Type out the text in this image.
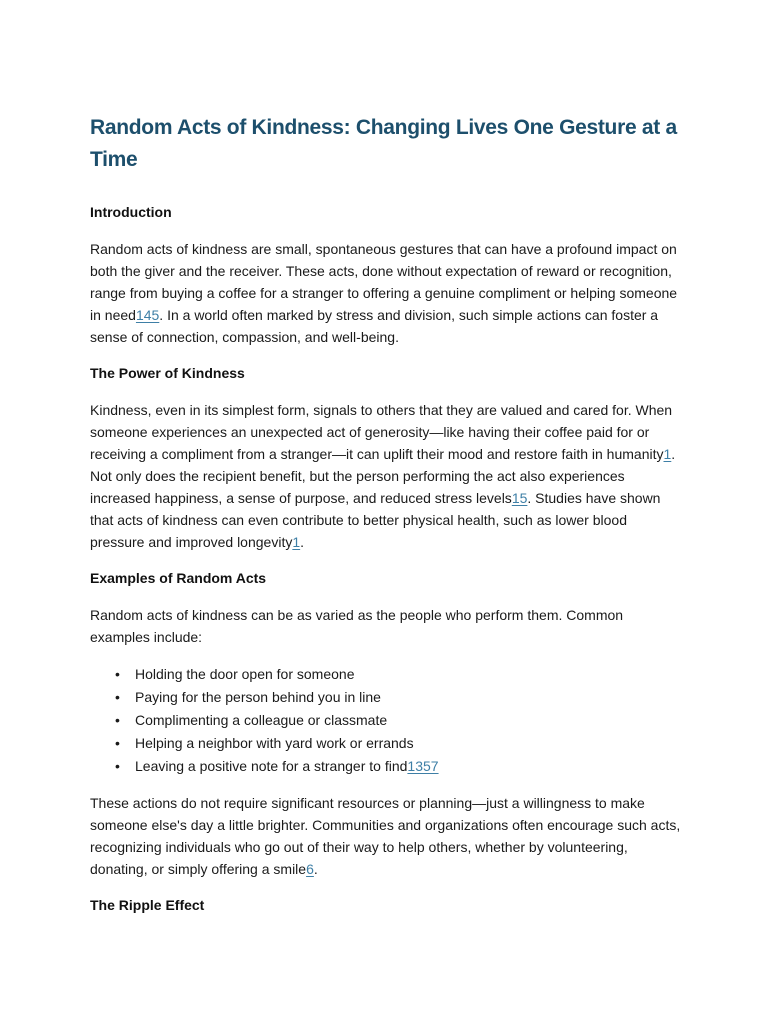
Random Acts of Kindness: Changing Lives One Gesture at a Time
Introduction

Random acts of kindness are small, spontaneous gestures that can have a profound impact on both the giver and the receiver. These acts, done without expectation of reward or recognition, range from buying a coffee for a stranger to offering a genuine compliment or helping someone in need145. In a world often marked by stress and division, such simple actions can foster a sense of connection, compassion, and well-being.

The Power of Kindness

Kindness, even in its simplest form, signals to others that they are valued and cared for. When someone experiences an unexpected act of generosity—like having their coffee paid for or receiving a compliment from a stranger—it can uplift their mood and restore faith in humanity1. Not only does the recipient benefit, but the person performing the act also experiences increased happiness, a sense of purpose, and reduced stress levels15. Studies have shown that acts of kindness can even contribute to better physical health, such as lower blood pressure and improved longevity1.

Examples of Random Acts

Random acts of kindness can be as varied as the people who perform them. Common examples include:

• Holding the door open for someone
• Paying for the person behind you in line
• Complimenting a colleague or classmate
• Helping a neighbor with yard work or errands
• Leaving a positive note for a stranger to find1357

These actions do not require significant resources or planning—just a willingness to make someone else's day a little brighter. Communities and organizations often encourage such acts, recognizing individuals who go out of their way to help others, whether by volunteering, donating, or simply offering a smile6.

The Ripple Effect
